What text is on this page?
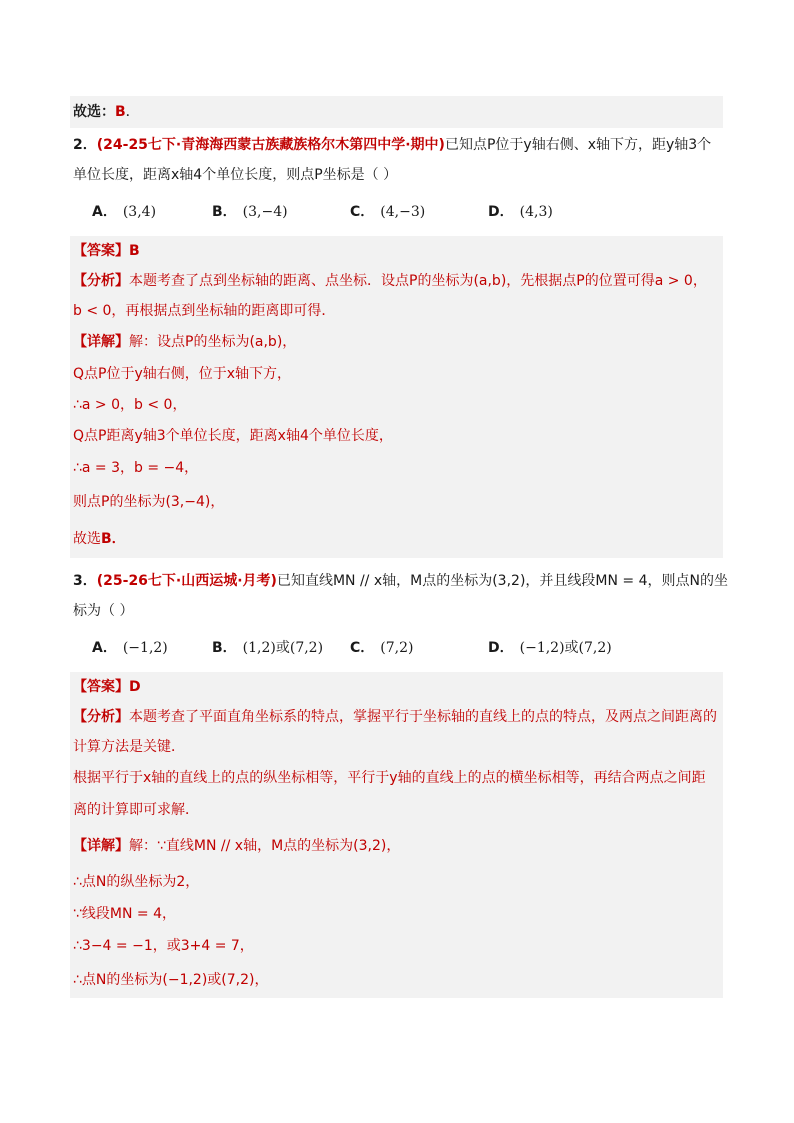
故选：B．
2．(24-25七下·青海海西蒙古族藏族格尔木第四中学·期中)已知点P位于y轴右侧、x轴下方，距y轴3个
单位长度，距离x轴4个单位长度，则点P坐标是（ ）
A． (3,4)	B． (3,−4)	C． (4,−3)	D． (4,3)
【答案】B
【分析】本题考查了点到坐标轴的距离、点坐标．设点P的坐标为(a,b)，先根据点P的位置可得a > 0，
b < 0，再根据点到坐标轴的距离即可得．
【详解】解：设点P的坐标为(a,b)，
Q点P位于y轴右侧，位于x轴下方，
∴a > 0，b < 0，
Q点P距离y轴3个单位长度，距离x轴4个单位长度，
∴a = 3，b = −4，
则点P的坐标为(3,−4)，
故选B．
3．(25-26七下·山西运城·月考)已知直线MN // x轴，M点的坐标为(3,2)，并且线段MN = 4，则点N的坐
标为（ ）
A． (−1,2)	B． (1,2)或(7,2) C． (7,2)	D． (−1,2)或(7,2)
【答案】D
【分析】本题考查了平面直角坐标系的特点，掌握平行于坐标轴的直线上的点的特点，及两点之间距离的
计算方法是关键．
根据平行于x轴的直线上的点的纵坐标相等，平行于y轴的直线上的点的横坐标相等，再结合两点之间距
离的计算即可求解．
【详解】解：∵直线MN // x轴，M点的坐标为(3,2)，
∴点N的纵坐标为2，
∵线段MN = 4，
∴3−4 = −1，或3+4 = 7，
∴点N的坐标为(−1,2)或(7,2)，
